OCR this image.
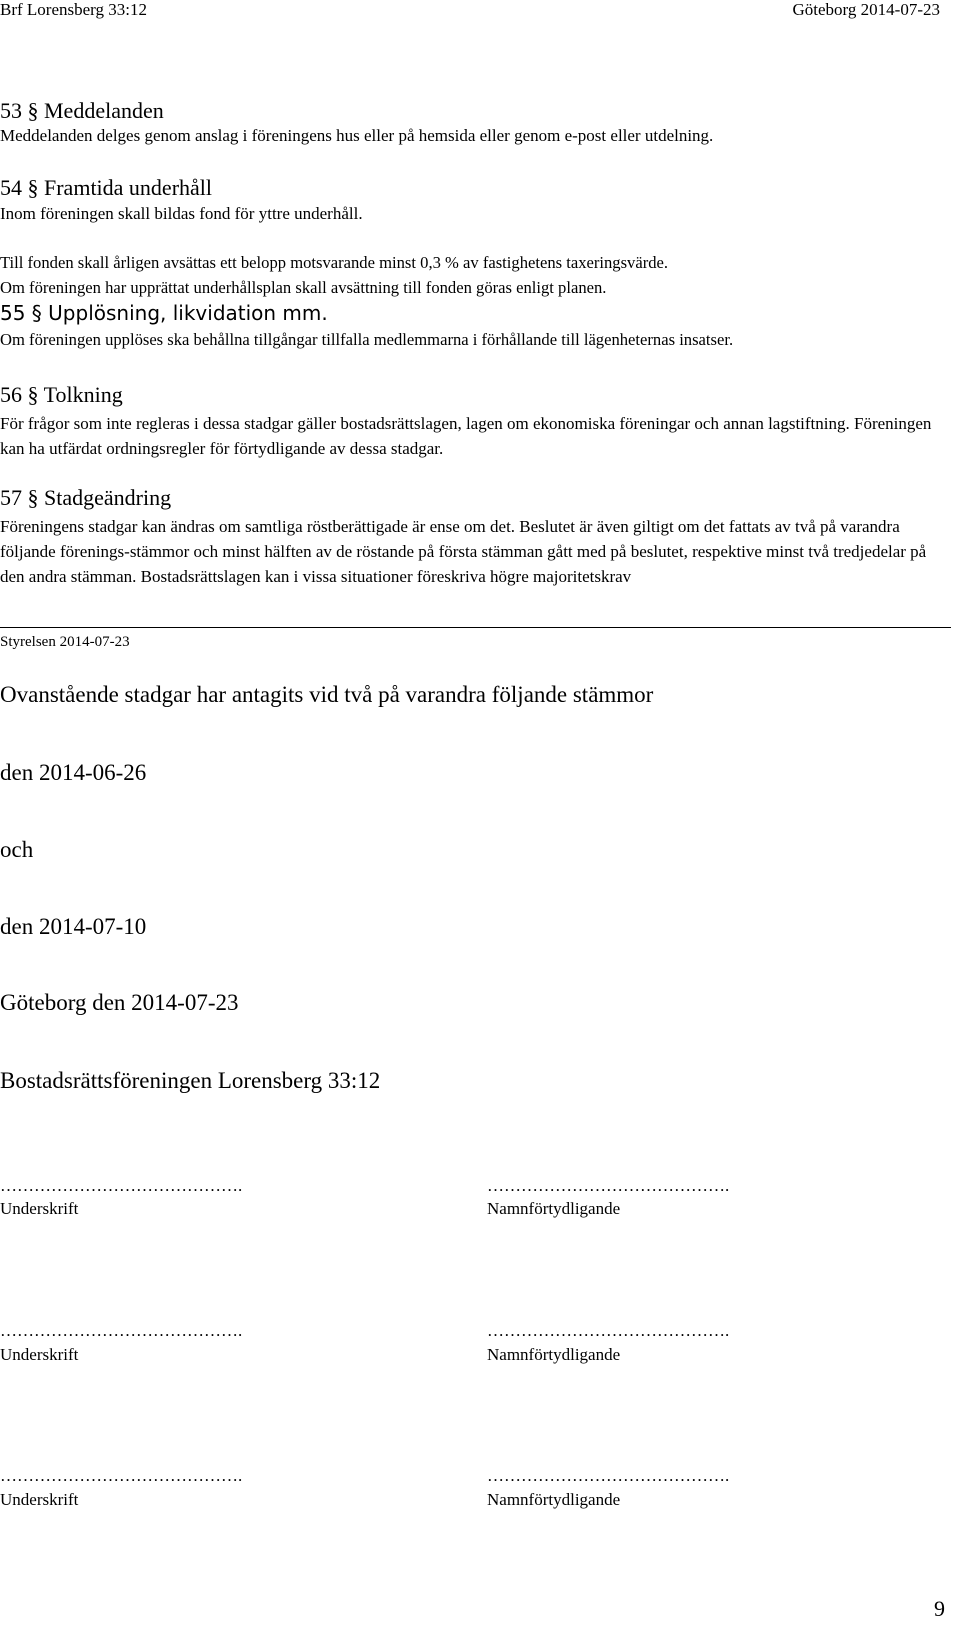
Brf Lorensberg 33:12	Göteborg 2014-07-23
53 § Meddelanden
Meddelanden delges genom anslag i föreningens hus eller på hemsida eller genom e-post eller utdelning.
54 § Framtida underhåll
Inom föreningen skall bildas fond för yttre underhåll.
Till fonden skall årligen avsättas ett belopp motsvarande minst 0,3 % av fastighetens taxeringsvärde.
Om föreningen har upprättat underhållsplan skall avsättning till fonden göras enligt planen.
55 § Upplösning, likvidation mm.
Om föreningen upplöses ska behållna tillgångar tillfalla medlemmarna i förhållande till lägenheternas insatser.
56 § Tolkning
För frågor som inte regleras i dessa stadgar gäller bostadsrättslagen, lagen om ekonomiska föreningar och annan lagstiftning. Föreningen kan ha utfärdat ordningsregler för förtydligande av dessa stadgar.
57 § Stadgeändring
Föreningens stadgar kan ändras om samtliga röstberättigade är ense om det. Beslutet är även giltigt om det fattats av två på varandra följande förenings-stämmor och minst hälften av de röstande på första stämman gått med på beslutet, respektive minst två tredjedelar på den andra stämman. Bostadsrättslagen kan i vissa situationer föreskriva högre majoritetskrav
Styrelsen 2014-07-23
Ovanstående stadgar har antagits vid två på varandra följande stämmor
den 2014-06-26
och
den 2014-07-10
Göteborg den 2014-07-23
Bostadsrättsföreningen Lorensberg 33:12
…………………………………….
Underskrift
…………………………………….
Namnförtydligande
…………………………………….
Underskrift
…………………………………….
Namnförtydligande
…………………………………….
Underskrift
…………………………………….
Namnförtydligande
9
